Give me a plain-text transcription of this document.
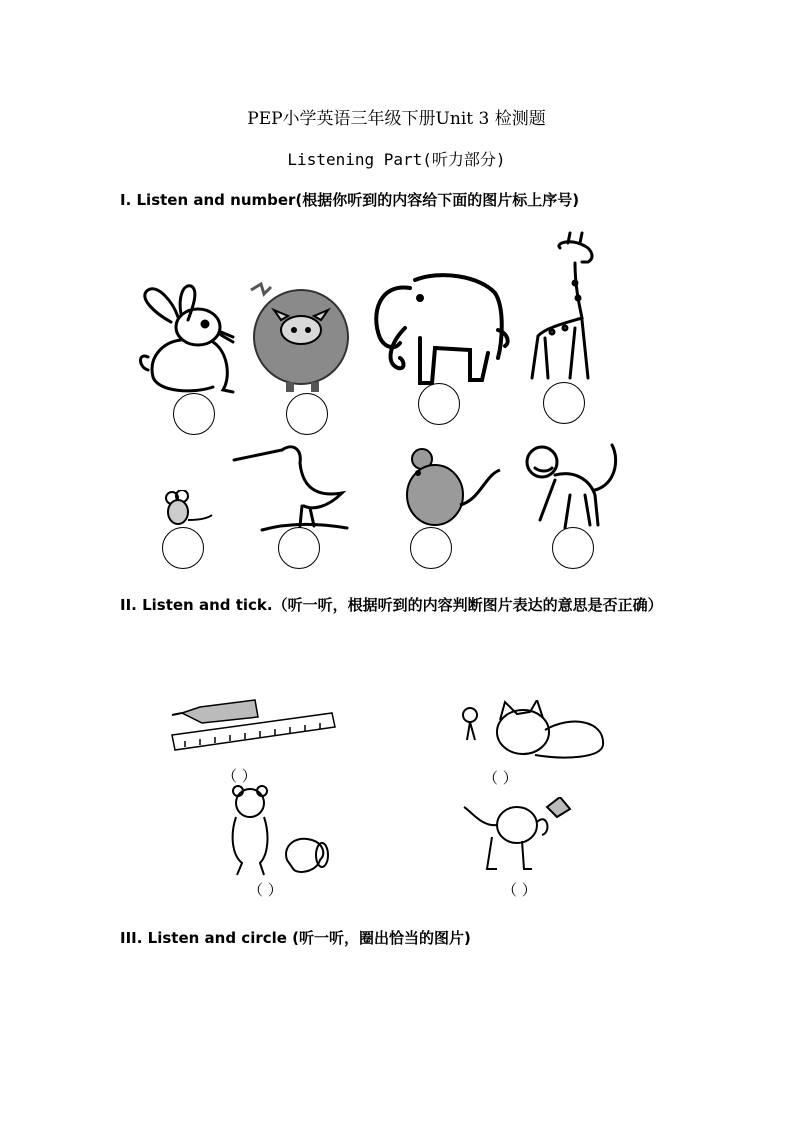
PEP小学英语三年级下册Unit 3 检测题
Listening Part(听力部分)
I. Listen and number(根据你听到的内容给下面的图片标上序号)
II. Listen and tick.（听一听，根据听到的内容判断图片表达的意思是否正确）
（ ）	（ ）
（ ）	（ ）
III. Listen and circle (听一听，圈出恰当的图片)
